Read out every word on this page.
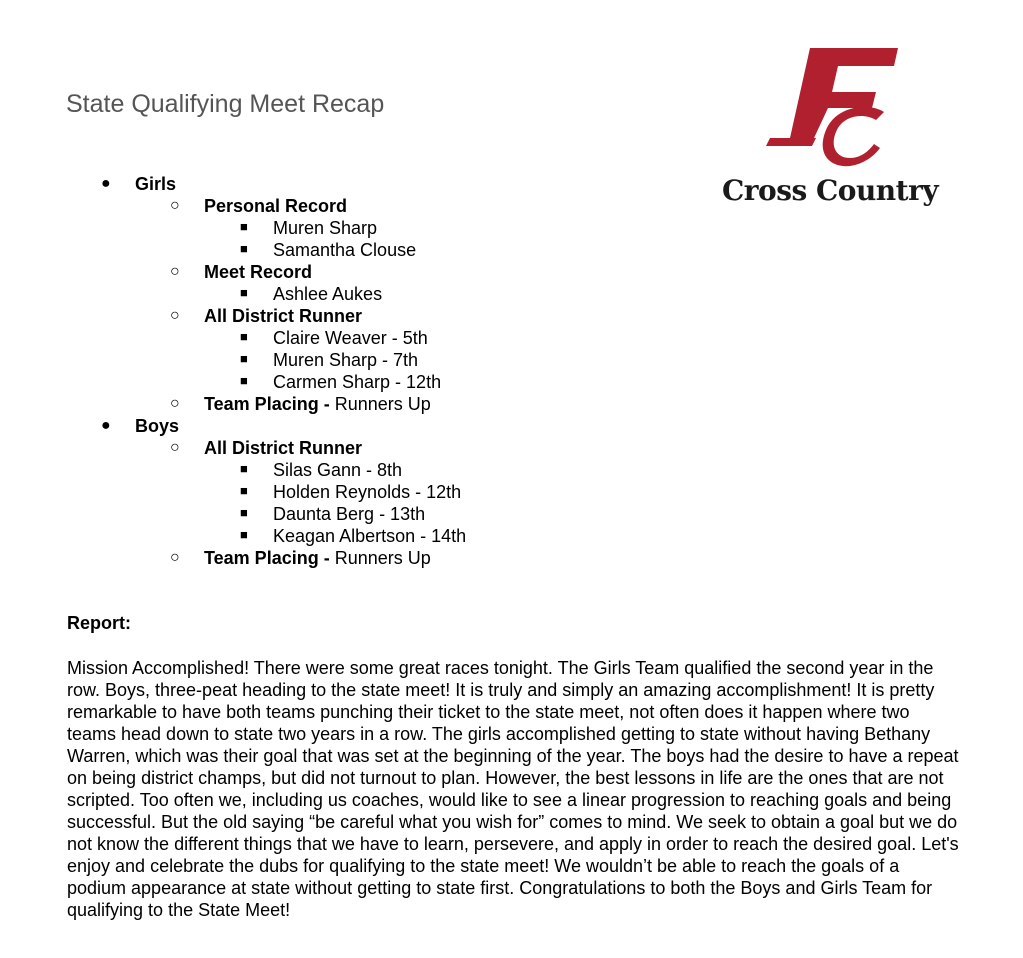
State Qualifying Meet Recap
Cross Country
● Girls
○ Personal Record
■ Muren Sharp
■ Samantha Clouse
○ Meet Record
■ Ashlee Aukes
○ All District Runner
■ Claire Weaver - 5th
■ Muren Sharp - 7th
■ Carmen Sharp - 12th
○ Team Placing - Runners Up
● Boys
○ All District Runner
■ Silas Gann - 8th
■ Holden Reynolds - 12th
■ Daunta Berg - 13th
■ Keagan Albertson - 14th
○ Team Placing - Runners Up
Report:

Mission Accomplished! There were some great races tonight. The Girls Team qualified the second year in the row. Boys, three-peat heading to the state meet! It is truly and simply an amazing accomplishment! It is pretty remarkable to have both teams punching their ticket to the state meet, not often does it happen where two teams head down to state two years in a row. The girls accomplished getting to state without having Bethany Warren, which was their goal that was set at the beginning of the year. The boys had the desire to have a repeat on being district champs, but did not turnout to plan. However, the best lessons in life are the ones that are not scripted. Too often we, including us coaches, would like to see a linear progression to reaching goals and being successful. But the old saying “be careful what you wish for” comes to mind. We seek to obtain a goal but we do not know the different things that we have to learn, persevere, and apply in order to reach the desired goal. Let's enjoy and celebrate the dubs for qualifying to the state meet! We wouldn’t be able to reach the goals of a podium appearance at state without getting to state first. Congratulations to both the Boys and Girls Team for qualifying to the State Meet!
